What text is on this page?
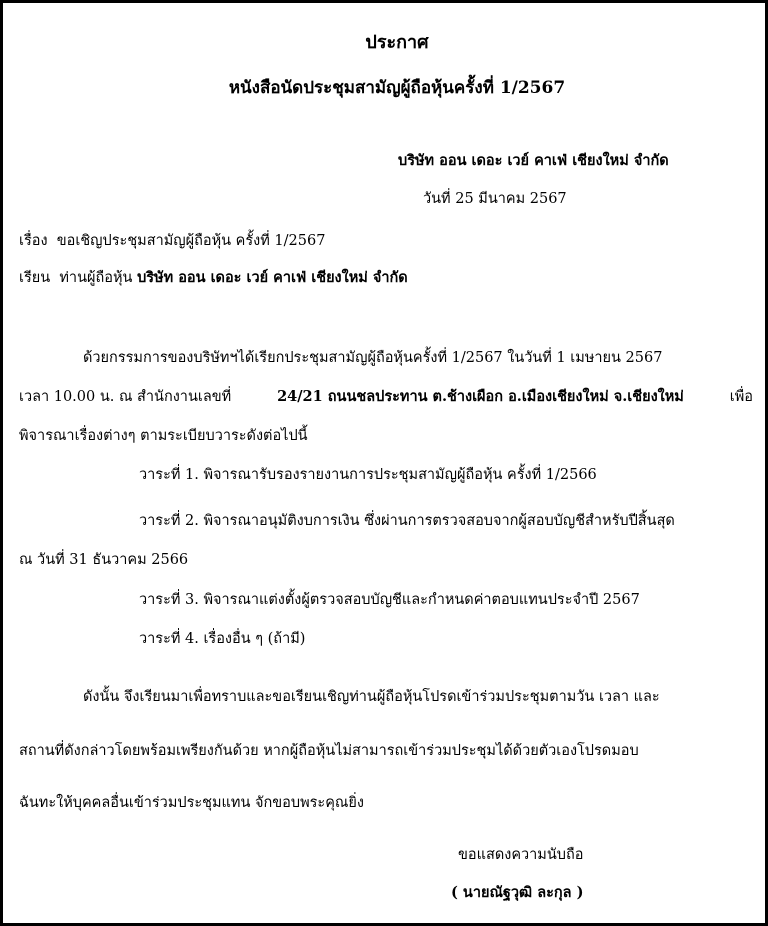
ประกาศ
หนังสือนัดประชุมสามัญผู้ถือหุ้นครั้งที่ 1/2567
บริษัท ออน เดอะ เวย์ คาเฟ่ เชียงใหม่ จำกัด
วันที่ 25 มีนาคม 2567
เรื่อง ขอเชิญประชุมสามัญผู้ถือหุ้น ครั้งที่ 1/2567
เรียน ท่านผู้ถือหุ้น บริษัท ออน เดอะ เวย์ คาเฟ่ เชียงใหม่ จำกัด
ด้วยกรรมการของบริษัทฯได้เรียกประชุมสามัญผู้ถือหุ้นครั้งที่ 1/2567 ในวันที่ 1 เมษายน 2567
เวลา 10.00 น. ณ สำนักงานเลขที่	24/21 ถนนชลประทาน ต.ช้างเผือก อ.เมืองเชียงใหม่ จ.เชียงใหม่	เพื่อ
พิจารณาเรื่องต่างๆ ตามระเบียบวาระดังต่อไปนี้
วาระที่ 1. พิจารณารับรองรายงานการประชุมสามัญผู้ถือหุ้น ครั้งที่ 1/2566
วาระที่ 2. พิจารณาอนุมัติงบการเงิน ซึ่งผ่านการตรวจสอบจากผู้สอบบัญชีสำหรับปีสิ้นสุด
ณ วันที่ 31 ธันวาคม 2566
วาระที่ 3. พิจารณาแต่งตั้งผู้ตรวจสอบบัญชีและกำหนดค่าตอบแทนประจำปี 2567
วาระที่ 4. เรื่องอื่น ๆ (ถ้ามี)
ดังนั้น จึงเรียนมาเพื่อทราบและขอเรียนเชิญท่านผู้ถือหุ้นโปรดเข้าร่วมประชุมตามวัน เวลา และ
สถานที่ดังกล่าวโดยพร้อมเพรียงกันด้วย หากผู้ถือหุ้นไม่สามารถเข้าร่วมประชุมได้ด้วยตัวเองโปรดมอบ
ฉันทะให้บุคคลอื่นเข้าร่วมประชุมแทน จักขอบพระคุณยิ่ง
ขอแสดงความนับถือ
( นายณัฐวุฒิ ละกุล )
